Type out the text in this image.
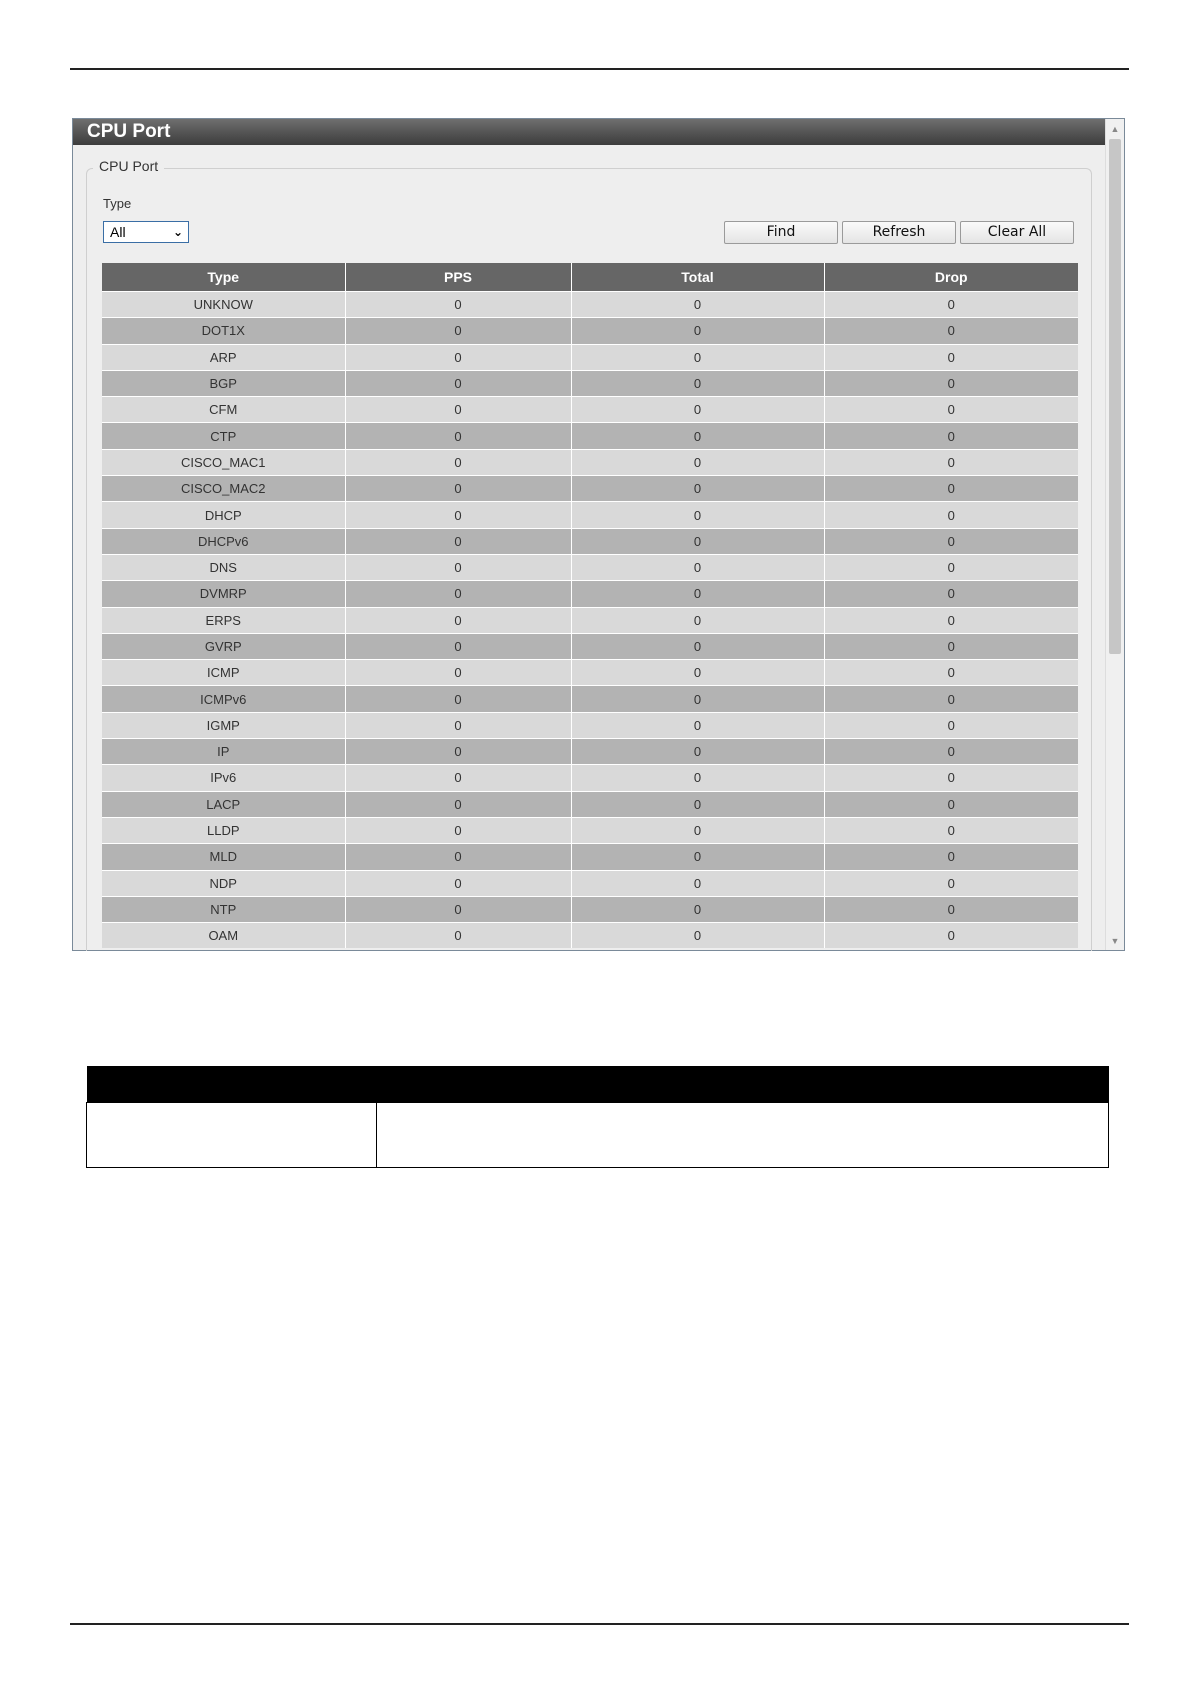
CPU Port	▲
▼
CPU Port
Type
All	⌄	Find	Refresh	Clear All
Type	PPS	Total	Drop
UNKNOW	0	0	0
DOT1X	0	0	0
ARP	0	0	0
BGP	0	0	0
CFM	0	0	0
CTP	0	0	0
CISCO_MAC1	0	0	0
CISCO_MAC2	0	0	0
DHCP	0	0	0
DHCPv6	0	0	0
DNS	0	0	0
DVMRP	0	0	0
ERPS	0	0	0
GVRP	0	0	0
ICMP	0	0	0
ICMPv6	0	0	0
IGMP	0	0	0
IP	0	0	0
IPv6	0	0	0
LACP	0	0	0
LLDP	0	0	0
MLD	0	0	0
NDP	0	0	0
NTP	0	0	0
OAM	0	0	0
